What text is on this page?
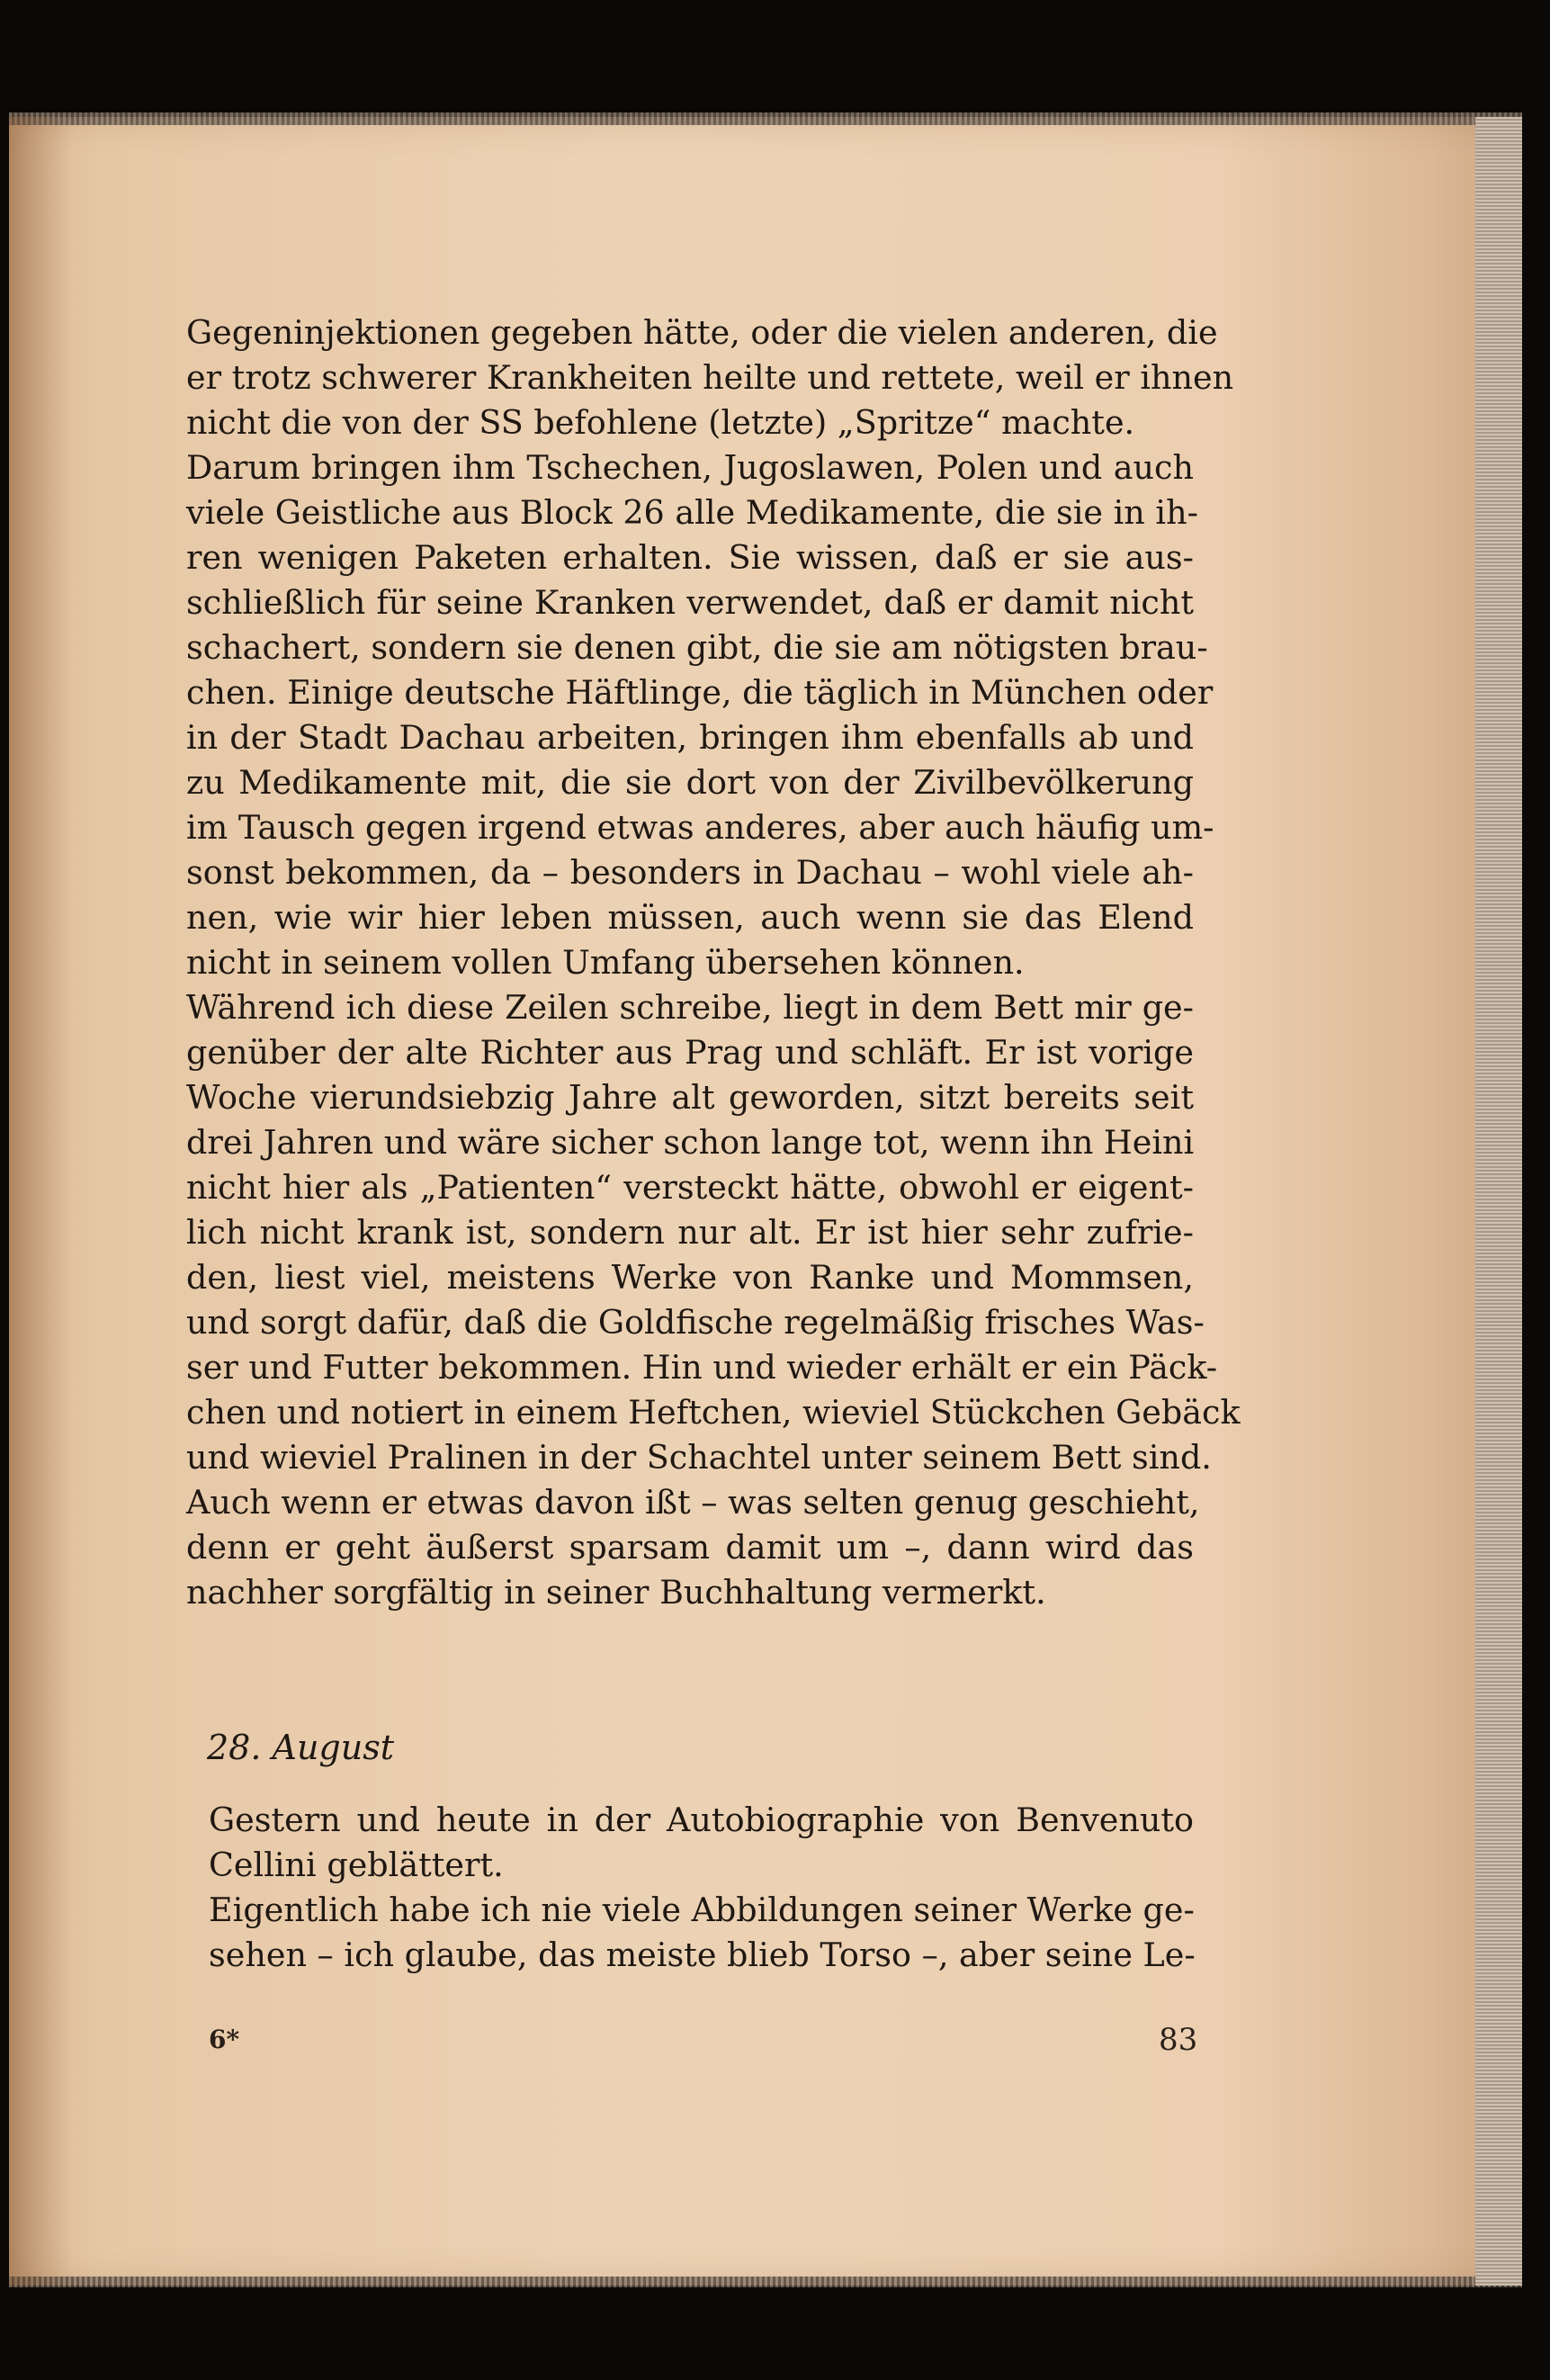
Gegeninjektionen gegeben hätte, oder die vielen anderen, die
er trotz schwerer Krankheiten heilte und rettete, weil er ihnen
nicht die von der SS befohlene (letzte) „Spritze“ machte.
Darum bringen ihm Tschechen, Jugoslawen, Polen und auch
viele Geistliche aus Block 26 alle Medikamente, die sie in ih-
ren wenigen Paketen erhalten. Sie wissen, daß er sie aus-
schließlich für seine Kranken verwendet, daß er damit nicht
schachert, sondern sie denen gibt, die sie am nötigsten brau-
chen. Einige deutsche Häftlinge, die täglich in München oder
in der Stadt Dachau arbeiten, bringen ihm ebenfalls ab und
zu Medikamente mit, die sie dort von der Zivilbevölkerung
im Tausch gegen irgend etwas anderes, aber auch häufig um-
sonst bekommen, da – besonders in Dachau – wohl viele ah-
nen, wie wir hier leben müssen, auch wenn sie das Elend
nicht in seinem vollen Umfang übersehen können.
Während ich diese Zeilen schreibe, liegt in dem Bett mir ge-
genüber der alte Richter aus Prag und schläft. Er ist vorige
Woche vierundsiebzig Jahre alt geworden, sitzt bereits seit
drei Jahren und wäre sicher schon lange tot, wenn ihn Heini
nicht hier als „Patienten“ versteckt hätte, obwohl er eigent-
lich nicht krank ist, sondern nur alt. Er ist hier sehr zufrie-
den, liest viel, meistens Werke von Ranke und Mommsen,
und sorgt dafür, daß die Goldfische regelmäßig frisches Was-
ser und Futter bekommen. Hin und wieder erhält er ein Päck-
chen und notiert in einem Heftchen, wieviel Stückchen Gebäck
und wieviel Pralinen in der Schachtel unter seinem Bett sind.
Auch wenn er etwas davon ißt – was selten genug geschieht,
denn er geht äußerst sparsam damit um –, dann wird das
nachher sorgfältig in seiner Buchhaltung vermerkt.
28. August
Gestern und heute in der Autobiographie von Benvenuto
Cellini geblättert.
Eigentlich habe ich nie viele Abbildungen seiner Werke ge-
sehen – ich glaube, das meiste blieb Torso –, aber seine Le-
6*	83
